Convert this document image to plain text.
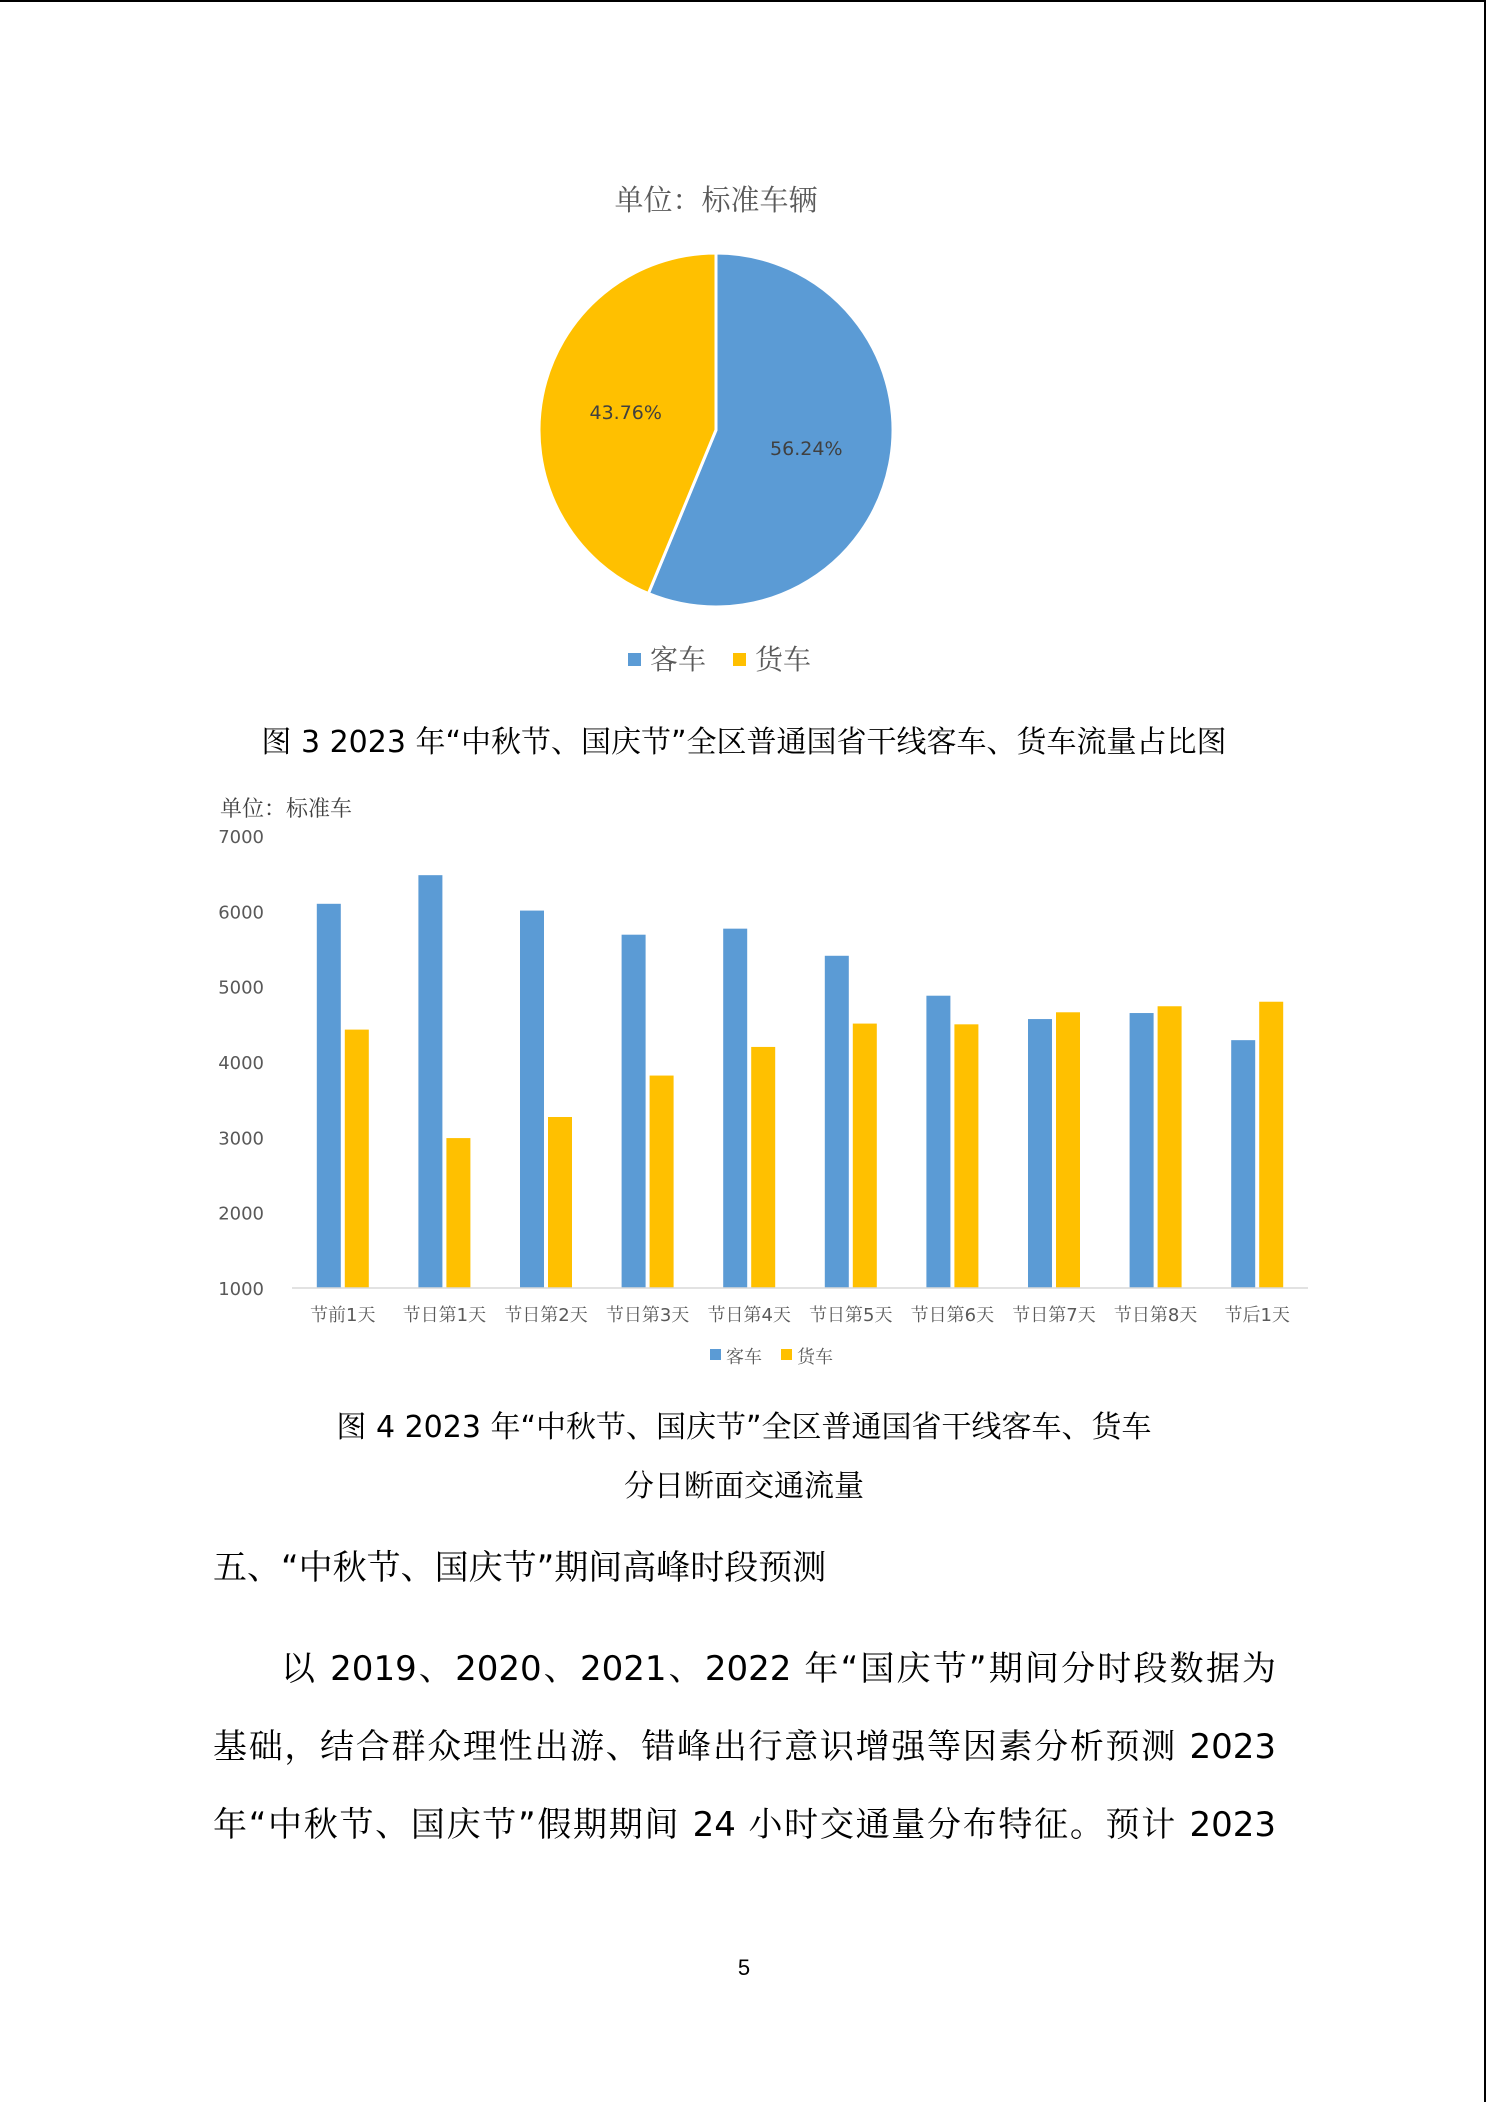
单位：标准车辆
56.24%
43.76%
客车 货车
图 3 2023 年“中秋节、国庆节”全区普通国省干线客车、货车流量占比图
单位：标准车
1000
2000
3000
4000
5000
6000
7000
节前1天 节日第1天 节日第2天 节日第3天 节日第4天 节日第5天 节日第6天 节日第7天 节日第8天 节后1天
客车 货车
图 4 2023 年“中秋节、国庆节”全区普通国省干线客车、货车
分日断面交通流量
五、“中秋节、国庆节”期间高峰时段预测
以 2019、2020、2021、2022 年“国庆节”期间分时段数据为
基础，结合群众理性出游、错峰出行意识增强等因素分析预测 2023
年“中秋节、国庆节”假期期间 24 小时交通量分布特征。预计 2023
5
